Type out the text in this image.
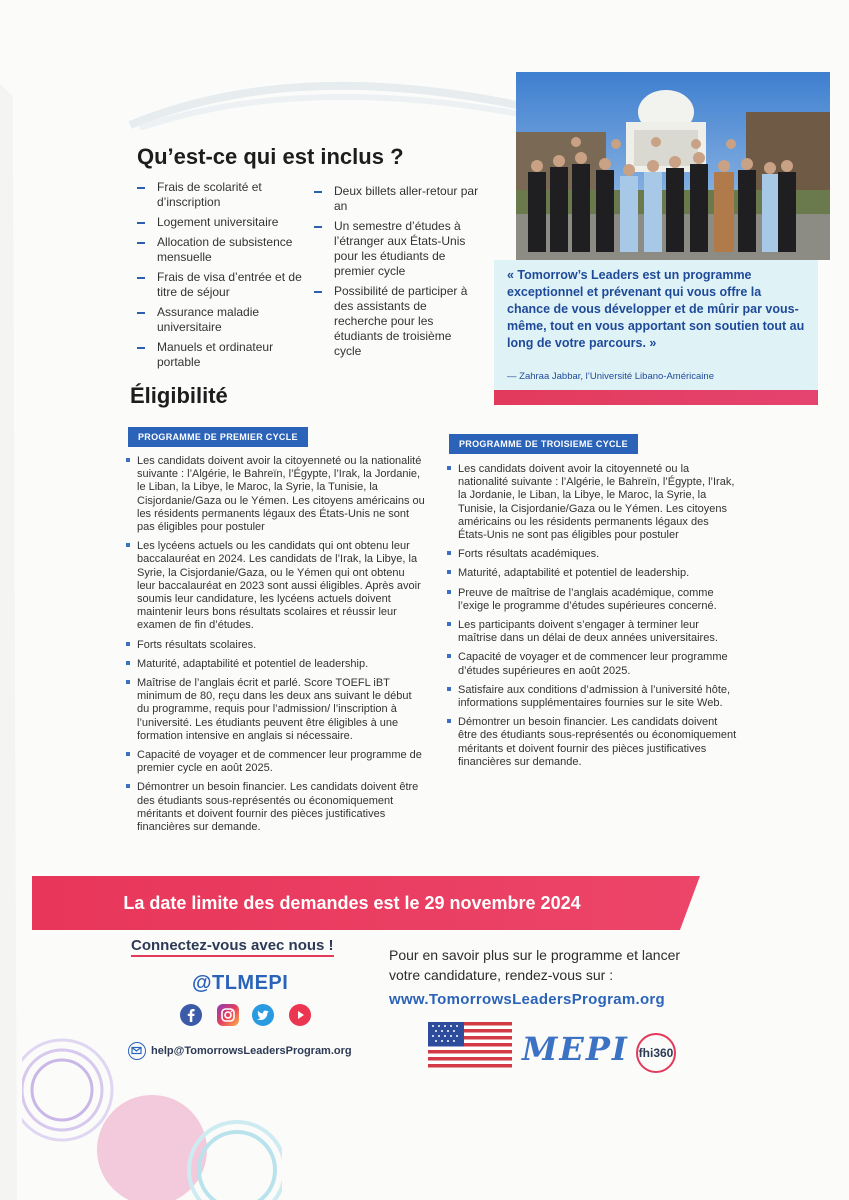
Qu’est-ce qui est inclus ?
Frais de scolarité et d’inscription
Logement universitaire
Allocation de subsistence mensuelle
Frais de visa d’entrée et de titre de séjour
Assurance maladie universitaire
Manuels et ordinateur portable
Deux billets aller-retour par an
Un semestre d’études à l’étranger aux États-Unis pour les étudiants de premier cycle
Possibilité de participer à des assistants de recherche pour les étudiants de troisième cycle

« Tomorrow’s Leaders est un programme exceptionnel et prévenant qui vous offre la chance de vous développer et de mûrir par vous-même, tout en vous apportant son soutien tout au long de votre parcours. »

— Zahraa Jabbar, l’Université Libano-Américaine

Éligibilité
PROGRAMME DE PREMIER CYCLE
PROGRAMME DE TROISIEME CYCLE
Les candidats doivent avoir la citoyenneté ou la nationalité suivante : l’Algérie, le Bahreïn, l’Égypte, l’Irak, la Jordanie, le Liban, la Libye, le Maroc, la Syrie, la Tunisie, la Cisjordanie/Gaza ou le Yémen. Les citoyens américains ou les résidents permanents légaux des États-Unis ne sont pas éligibles pour postuler
Les lycéens actuels ou les candidats qui ont obtenu leur baccalauréat en 2024. Les candidats de l’Irak, la Libye, la Syrie, la Cisjordanie/Gaza, ou le Yémen qui ont obtenu leur baccalauréat en 2023 sont aussi éligibles. Après avoir soumis leur candidature, les lycéens actuels doivent maintenir leurs bons résultats scolaires et réussir leur examen de fin d’études.
Forts résultats scolaires.
Maturité, adaptabilité et potentiel de leadership.
Maîtrise de l’anglais écrit et parlé. Score TOEFL iBT minimum de 80, reçu dans les deux ans suivant le début du programme, requis pour l’admission/ l’inscription à l’université. Les étudiants peuvent être éligibles à une formation intensive en anglais si nécessaire.
Capacité de voyager et de commencer leur programme de premier cycle en août 2025.
Démontrer un besoin financier. Les candidats doivent être des étudiants sous-représentés ou économiquement méritants et doivent fournir des pièces justificatives financières sur demande.
Les candidats doivent avoir la citoyenneté ou la nationalité suivante : l’Algérie, le Bahreïn, l’Égypte, l’Irak, la Jordanie, le Liban, la Libye, le Maroc, la Syrie, la Tunisie, la Cisjordanie/Gaza ou le Yémen. Les citoyens américains ou les résidents permanents légaux des États-Unis ne sont pas éligibles pour postuler
Forts résultats académiques.
Maturité, adaptabilité et potentiel de leadership.
Preuve de maîtrise de l’anglais académique, comme l’exige le programme d’études supérieures concerné.
Les participants doivent s’engager à terminer leur maîtrise dans un délai de deux années universitaires.
Capacité de voyager et de commencer leur programme d’études supérieures en août 2025.
Satisfaire aux conditions d’admission à l’université hôte, informations supplémentaires fournies sur le site Web.
Démontrer un besoin financier. Les candidats doivent être des étudiants sous-représentés ou économiquement méritants et doivent fournir des pièces justificatives financières sur demande.
La date limite des demandes est le 29 novembre 2024
Connectez-vous avec nous !
@TLMEPI
help@TomorrowsLeadersProgram.org

Pour en savoir plus sur le programme et lancer votre candidature, rendez-vous sur :

www.TomorrowsLeadersProgram.org
MEPI fhi360
